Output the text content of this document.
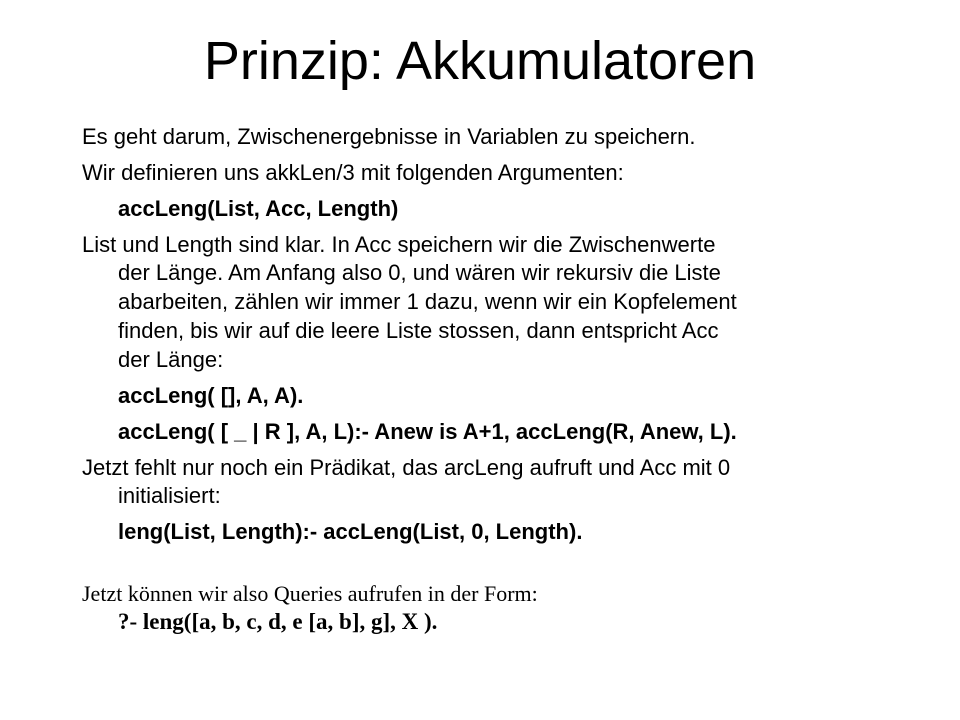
Prinzip: Akkumulatoren
Es geht darum, Zwischenergebnisse in Variablen zu speichern.
Wir definieren uns akkLen/3 mit folgenden Argumenten:
accLeng(List, Acc, Length)
List und Length sind klar. In Acc speichern wir die Zwischenwerte
der Länge. Am Anfang also 0, und wären wir rekursiv die Liste
abarbeiten, zählen wir immer 1 dazu, wenn wir ein Kopfelement
finden, bis wir auf die leere Liste stossen, dann entspricht Acc
der Länge:
accLeng( [], A, A).
accLeng( [ _ | R ], A, L):- Anew is A+1, accLeng(R, Anew, L).
Jetzt fehlt nur noch ein Prädikat, das arcLeng aufruft und Acc mit 0
initialisiert:
leng(List, Length):- accLeng(List, 0, Length).
Jetzt können wir also Queries aufrufen in der Form:
?- leng([a, b, c, d, e [a, b], g], X ).
